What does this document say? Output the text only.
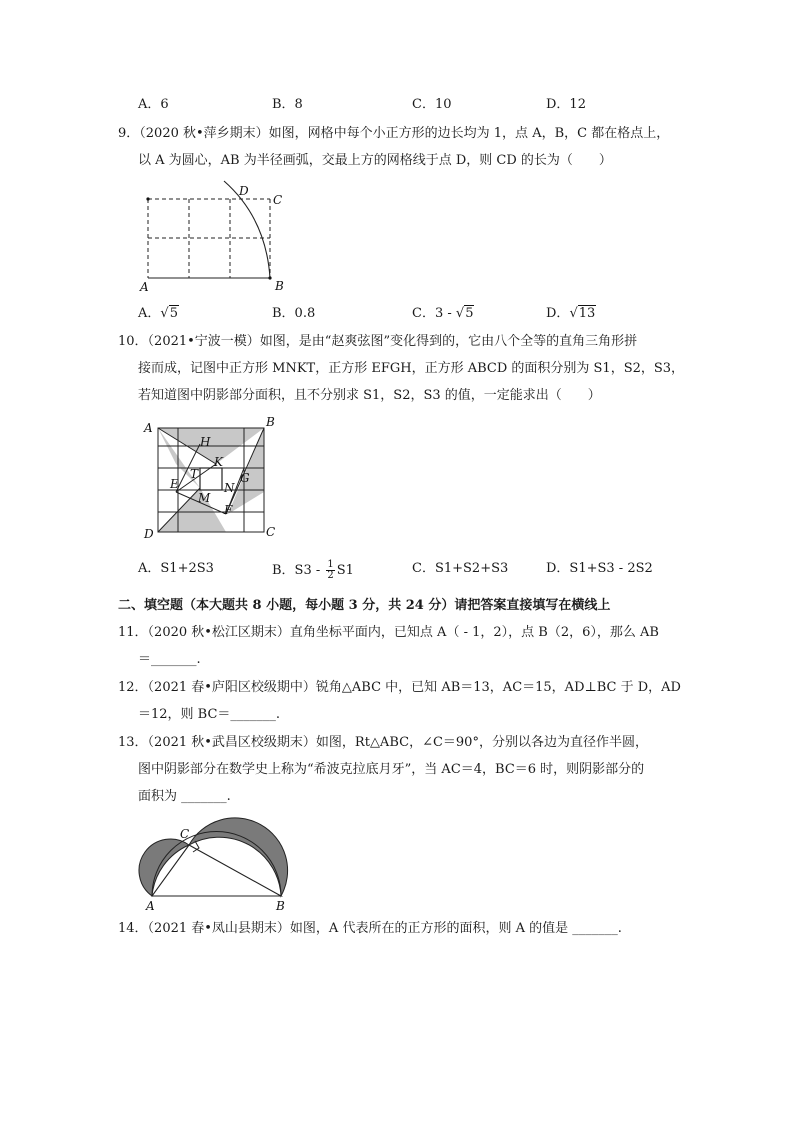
A．6	B．8	C．10	D．12
9．（2020 秋•萍乡期末）如图，网格中每个小正方形的边长均为 1，点 A，B，C 都在格点上，
以 A 为圆心，AB 为半径画弧，交最上方的网格线于点 D，则 CD 的长为（　　）
A	B
C
D
A．√5	B．0.8	C．3 - √5	D．√13
10．（2021•宁波一模）如图，是由“赵爽弦图”变化得到的，它由八个全等的直角三角形拼
接而成，记图中正方形 MNKT，正方形 EFGH，正方形 ABCD 的面积分别为 S1，S2，S3，
若知道图中阴影部分面积，且不分别求 S1，S2，S3 的值，一定能求出（　　）
A	B
C
D
E
F
G
H
K
M
N
T
A．S1+2S3	B．$S3 - \frac{1}{2} S1$	C．S1+S2+S3	D．S1+S3 - 2S2
二、填空题（本大题共 8 小题，每小题 3 分，共 24 分）请把答案直接填写在横线上
11．（2020 秋•松江区期末）直角坐标平面内，已知点 A（ - 1，2），点 B（2，6），那么 AB
＝_______.
12．（2021 春•庐阳区校级期中）锐角△ABC 中，已知 AB＝13，AC＝15，AD⊥BC 于 D，AD
＝12，则 BC＝_______.
13．（2021 秋•武昌区校级期末）如图，Rt△ABC，∠C＝90°，分别以各边为直径作半圆，
图中阴影部分在数学史上称为“希波克拉底月牙”，当 AC＝4，BC＝6 时，则阴影部分的
面积为 _______.
A	B
C
14．（2021 春•凤山县期末）如图，A 代表所在的正方形的面积，则 A 的值是 _______.
